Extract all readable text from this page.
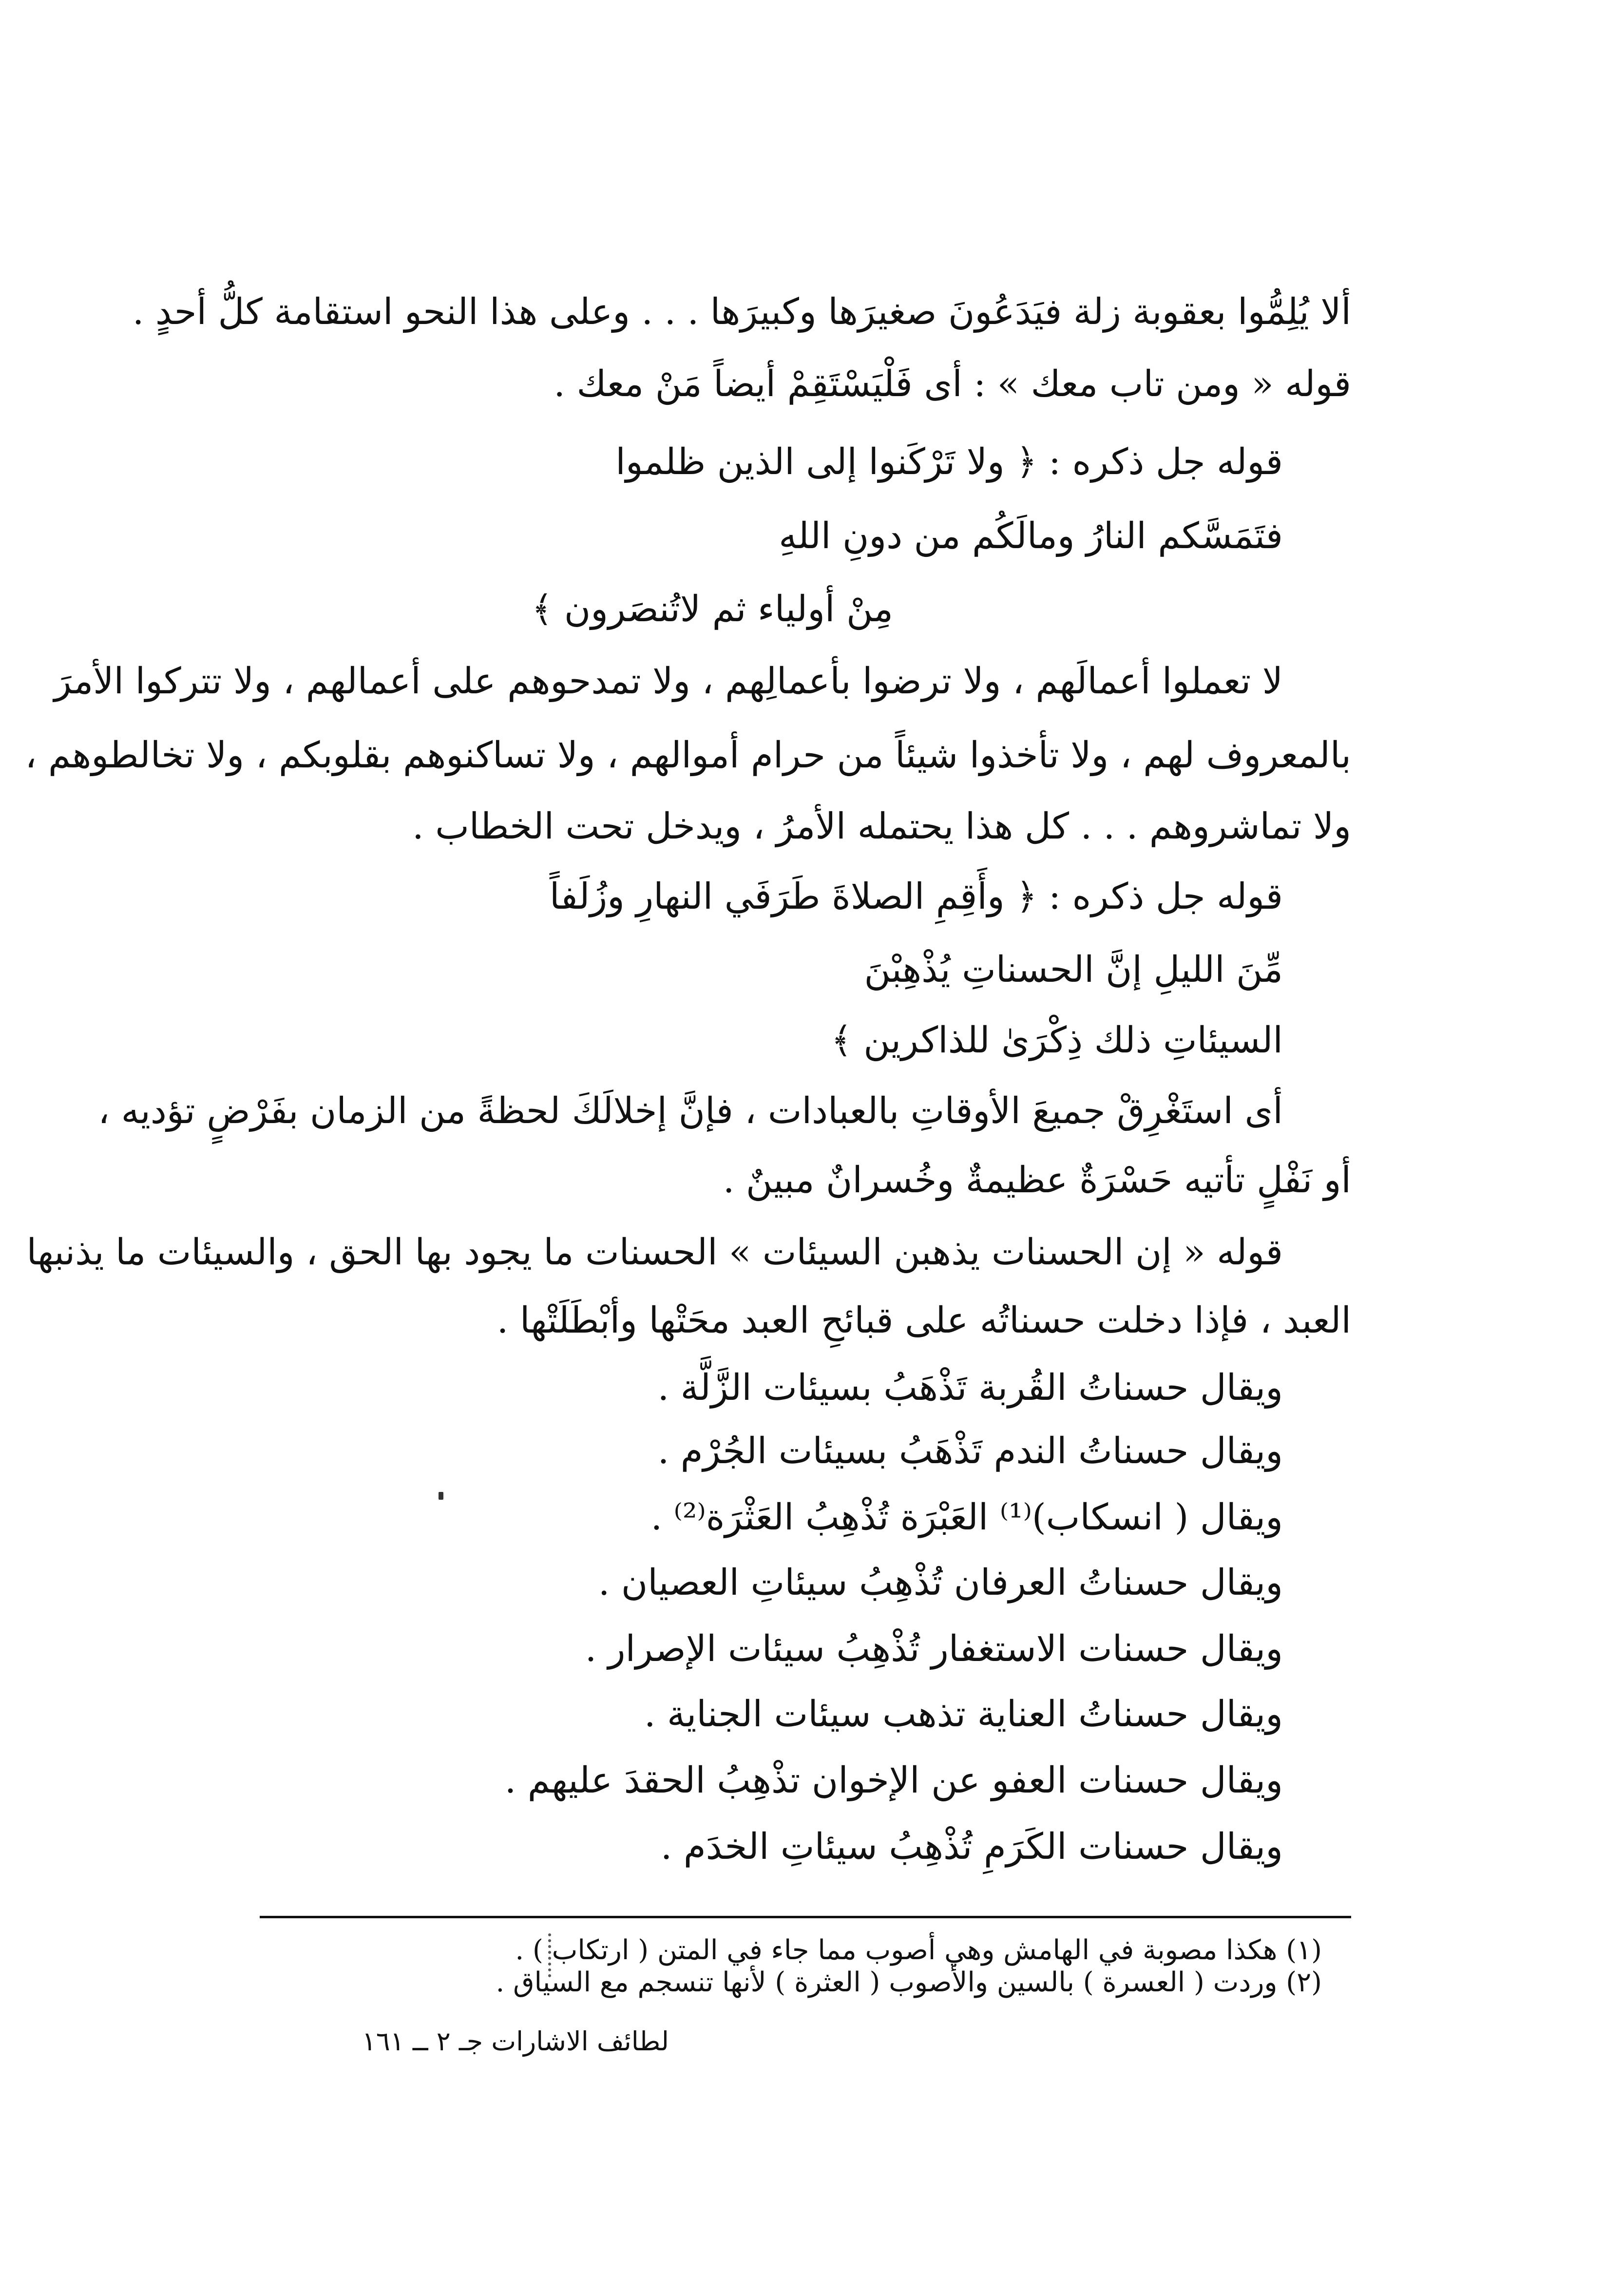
ألا يُلِمُّوا بعقوبة زلة فيَدَعُونَ صغيرَها وكبيرَها . . . وعلى هذا النحو استقامة كلُّ أحدٍ .
قوله « ومن تاب معك » : أى فَلْيَسْتَقِمْ أيضاً مَنْ معك .
قوله جل ذكره : ﴿ ولا تَرْكَنوا إلى الذين ظلموا
فتَمَسَّكم النارُ ومالَكُم من دونِ اللهِ
مِنْ أولياء ثم لاتُنصَرون ﴾
لا تعملوا أعمالَهم ، ولا ترضوا بأعمالِهم ، ولا تمدحوهم على أعمالهم ، ولا تتركوا الأمرَ
بالمعروف لهم ، ولا تأخذوا شيئاً من حرام أموالهم ، ولا تساكنوهم بقلوبكم ، ولا تخالطوهم ،
ولا تماشروهم . . . كل هذا يحتمله الأمرُ ، ويدخل تحت الخطاب .
قوله جل ذكره : ﴿ وأَقِمِ الصلاةَ طَرَفَي النهارِ وزُلَفاً
مِّنَ الليلِ إنَّ الحسناتِ يُذْهِبْنَ
السيئاتِ ذلك ذِكْرَىٰ للذاكرين ﴾
أى استَغْرِقْ جميعَ الأوقاتِ بالعبادات ، فإنَّ إخلالَكَ لحظةً من الزمان بفَرْضٍ تؤديه ،
أو نَفْلٍ تأتيه حَسْرَةٌ عظيمةٌ وخُسرانٌ مبينٌ .
قوله « إن الحسنات يذهبن السيئات » الحسنات ما يجود بها الحق ، والسيئات ما يذنبها
العبد ، فإذا دخلت حسناتُه على قبائحِ العبد محَتْها وأبْطَلَتْها .
ويقال حسناتُ القُربة تَذْهَبُ بسيئات الزَّلَّة .
ويقال حسناتُ الندم تَذْهَبُ بسيئات الجُرْم .
ويقال ( انسكاب)⁽¹⁾ العَبْرَة تُذْهِبُ العَثْرَة⁽²⁾ .
ويقال حسناتُ العرفان تُذْهِبُ سيئاتِ العصيان .
ويقال حسنات الاستغفار تُذْهِبُ سيئات الإصرار .
ويقال حسناتُ العناية تذهب سيئات الجناية .
ويقال حسنات العفو عن الإخوان تذْهِبُ الحقدَ عليهم .
ويقال حسنات الكَرَمِ تُذْهِبُ سيئاتِ الخدَم .
(١) هكذا مصوبة في الهامش وهي أصوب مما جاء في المتن ( ارتكاب ) .
(٢) وردت ( العسرة ) بالسين والأصوب ( العثرة ) لأنها تنسجم مع السياق .
لطائف الاشارات جـ ٢ ــ ١٦١
